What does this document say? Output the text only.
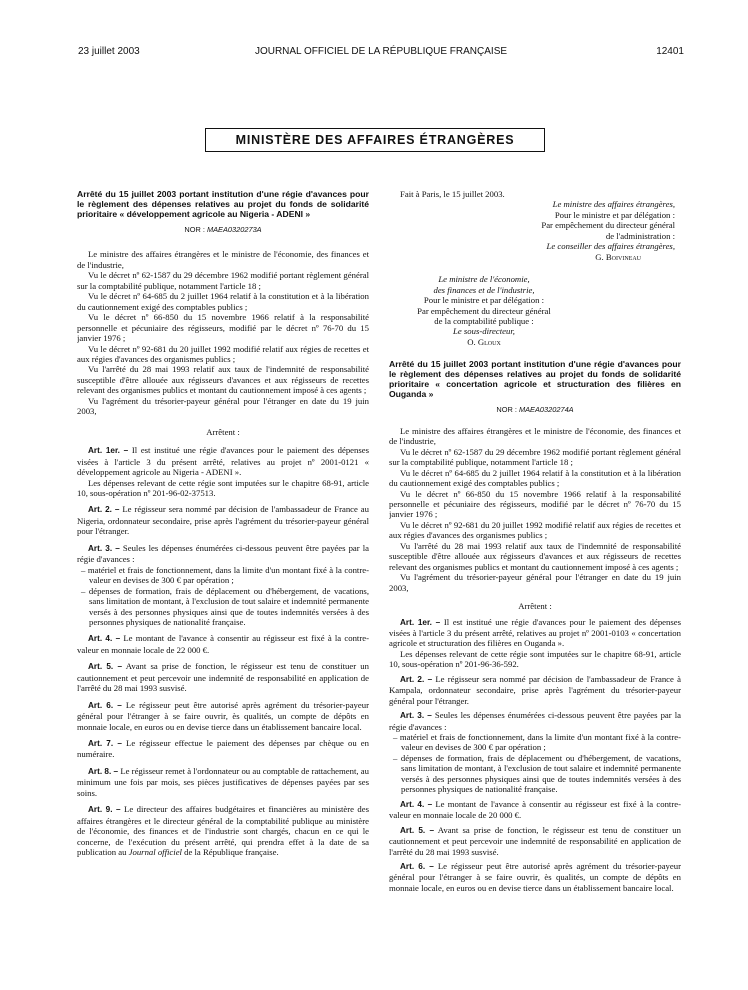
23 juillet 2003	JOURNAL OFFICIEL DE LA RÉPUBLIQUE FRANÇAISE	12401
MINISTÈRE DES AFFAIRES ÉTRANGÈRES

Arrêté du 15 juillet 2003 portant institution d'une régie d'avances pour le règlement des dépenses relatives au projet du fonds de solidarité prioritaire « développement agricole au Nigeria - ADENI »

NOR : MAEA0320273A

Le ministre des affaires étrangères et le ministre de l'économie, des finances et de l'industrie,

Vu le décret nº 62-1587 du 29 décembre 1962 modifié portant règlement général sur la comptabilité publique, notamment l'article 18 ;

Vu le décret nº 64-685 du 2 juillet 1964 relatif à la constitution et à la libération du cautionnement exigé des comptables publics ;

Vu le décret nº 66-850 du 15 novembre 1966 relatif à la responsabilité personnelle et pécuniaire des régisseurs, modifié par le décret nº 76-70 du 15 janvier 1976 ;

Vu le décret nº 92-681 du 20 juillet 1992 modifié relatif aux régies de recettes et aux régies d'avances des organismes publics ;

Vu l'arrêté du 28 mai 1993 relatif aux taux de l'indemnité de responsabilité susceptible d'être allouée aux régisseurs d'avances et aux régisseurs de recettes relevant des organismes publics et montant du cautionnement imposé à ces agents ;

Vu l'agrément du trésorier-payeur général pour l'étranger en date du 19 juin 2003,

Arrêtent :

Art. 1er. – Il est institué une régie d'avances pour le paiement des dépenses visées à l'article 3 du présent arrêté, relatives au projet nº 2001-0121 « développement agricole au Nigeria - ADENI ».

Les dépenses relevant de cette régie sont imputées sur le chapitre 68-91, article 10, sous-opération nº 201-96-02-37513.

Art. 2. – Le régisseur sera nommé par décision de l'ambassadeur de France au Nigeria, ordonnateur secondaire, prise après l'agrément du trésorier-payeur général pour l'étranger.

Art. 3. – Seules les dépenses énumérées ci-dessous peuvent être payées par la régie d'avances :

– matériel et frais de fonctionnement, dans la limite d'un montant fixé à la contre-valeur en devises de 300 € par opération ;

– dépenses de formation, frais de déplacement ou d'hébergement, de vacations, sans limitation de montant, à l'exclusion de tout salaire et indemnité permanente versés à des personnes physiques ainsi que de toutes indemnités versées à des personnes physiques de nationalité française.

Art. 4. – Le montant de l'avance à consentir au régisseur est fixé à la contre-valeur en monnaie locale de 22 000 €.

Art. 5. – Avant sa prise de fonction, le régisseur est tenu de constituer un cautionnement et peut percevoir une indemnité de responsabilité en application de l'arrêté du 28 mai 1993 susvisé.

Art. 6. – Le régisseur peut être autorisé après agrément du trésorier-payeur général pour l'étranger à se faire ouvrir, ès qualités, un compte de dépôts en monnaie locale, en euros ou en devise tierce dans un établissement bancaire local.

Art. 7. – Le régisseur effectue le paiement des dépenses par chèque ou en numéraire.

Art. 8. – Le régisseur remet à l'ordonnateur ou au comptable de rattachement, au minimum une fois par mois, ses pièces justificatives de dépenses payées par ses soins.

Art. 9. – Le directeur des affaires budgétaires et financières au ministère des affaires étrangères et le directeur général de la comptabilité publique au ministère de l'économie, des finances et de l'industrie sont chargés, chacun en ce qui le concerne, de l'exécution du présent arrêté, qui prendra effet à la date de sa publication au Journal officiel de la République française.

Fait à Paris, le 15 juillet 2003.

Le ministre des affaires étrangères,

Pour le ministre et par délégation :

Par empêchement du directeur général

de l'administration :

Le conseiller des affaires étrangères,

G. Boivineau

Le ministre de l'économie,

des finances et de l'industrie,

Pour le ministre et par délégation :

Par empêchement du directeur général

de la comptabilité publique :

Le sous-directeur,

O. Gloux

Arrêté du 15 juillet 2003 portant institution d'une régie d'avances pour le règlement des dépenses relatives au projet du fonds de solidarité prioritaire « concertation agricole et structuration des filières en Ouganda »

NOR : MAEA0320274A

Le ministre des affaires étrangères et le ministre de l'économie, des finances et de l'industrie,

Vu le décret nº 62-1587 du 29 décembre 1962 modifié portant règlement général sur la comptabilité publique, notamment l'article 18 ;

Vu le décret nº 64-685 du 2 juillet 1964 relatif à la constitution et à la libération du cautionnement exigé des comptables publics ;

Vu le décret nº 66-850 du 15 novembre 1966 relatif à la responsabilité personnelle et pécuniaire des régisseurs, modifié par le décret nº 76-70 du 15 janvier 1976 ;

Vu le décret nº 92-681 du 20 juillet 1992 modifié relatif aux régies de recettes et aux régies d'avances des organismes publics ;

Vu l'arrêté du 28 mai 1993 relatif aux taux de l'indemnité de responsabilité susceptible d'être allouée aux régisseurs d'avances et aux régisseurs de recettes relevant des organismes publics et montant du cautionnement imposé à ces agents ;

Vu l'agrément du trésorier-payeur général pour l'étranger en date du 19 juin 2003,

Arrêtent :

Art. 1er. – Il est institué une régie d'avances pour le paiement des dépenses visées à l'article 3 du présent arrêté, relatives au projet nº 2001-0103 « concertation agricole et structuration des filières en Ouganda ».

Les dépenses relevant de cette régie sont imputées sur le chapitre 68-91, article 10, sous-opération nº 201-96-36-592.

Art. 2. – Le régisseur sera nommé par décision de l'ambassadeur de France à Kampala, ordonnateur secondaire, prise après l'agrément du trésorier-payeur général pour l'étranger.

Art. 3. – Seules les dépenses énumérées ci-dessous peuvent être payées par la régie d'avances :

– matériel et frais de fonctionnement, dans la limite d'un montant fixé à la contre-valeur en devises de 300 € par opération ;

– dépenses de formation, frais de déplacement ou d'hébergement, de vacations, sans limitation de montant, à l'exclusion de tout salaire et indemnité permanente versés à des personnes physiques ainsi que de toutes indemnités versées à des personnes physiques de nationalité française.

Art. 4. – Le montant de l'avance à consentir au régisseur est fixé à la contre-valeur en monnaie locale de 20 000 €.

Art. 5. – Avant sa prise de fonction, le régisseur est tenu de constituer un cautionnement et peut percevoir une indemnité de responsabilité en application de l'arrêté du 28 mai 1993 susvisé.

Art. 6. – Le régisseur peut être autorisé après agrément du trésorier-payeur général pour l'étranger à se faire ouvrir, ès qualités, un compte de dépôts en monnaie locale, en euros ou en devise tierce dans un établissement bancaire local.
